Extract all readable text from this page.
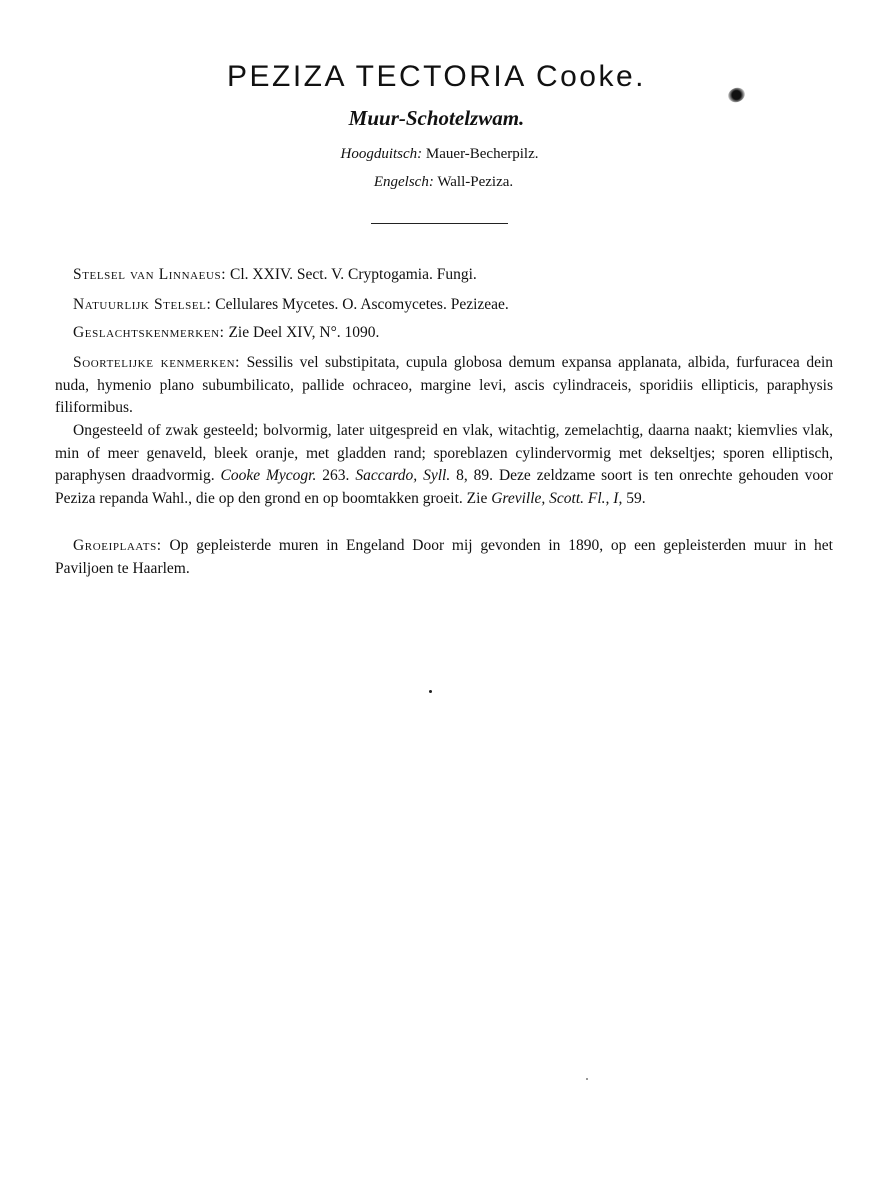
PEZIZA TECTORIA Cooke.
Muur-Schotelzwam.
Hoogduitsch: Mauer-Becherpilz.
Engelsch: Wall-Peziza.
Stelsel van Linnaeus: Cl. XXIV. Sect. V. Cryptogamia. Fungi.
Natuurlijk Stelsel: Cellulares Mycetes. O. Ascomycetes. Pezizeae.
Geslachtskenmerken: Zie Deel XIV, N°. 1090.
Soortelijke kenmerken: Sessilis vel substipitata, cupula globosa demum expansa applanata, albida, furfuracea dein nuda, hymenio plano subumbilicato, pallide ochraceo, margine levi, ascis cylindraceis, sporidiis ellipticis, paraphysis filiformibus.
Ongesteeld of zwak gesteeld; bolvormig, later uitgespreid en vlak, witachtig, zemelachtig, daarna naakt; kiemvlies vlak, min of meer genaveld, bleek oranje, met gladden rand; sporeblazen cylindervormig met dekseltjes; sporen elliptisch, paraphysen draadvormig. Cooke Mycogr. 263. Saccardo, Syll. 8, 89. Deze zeldzame soort is ten onrechte gehouden voor Peziza repanda Wahl., die op den grond en op boomtakken groeit. Zie Greville, Scott. Fl., I, 59.
Groeiplaats: Op gepleisterde muren in Engeland Door mij gevonden in 1890, op een gepleisterden muur in het Paviljoen te Haarlem.
